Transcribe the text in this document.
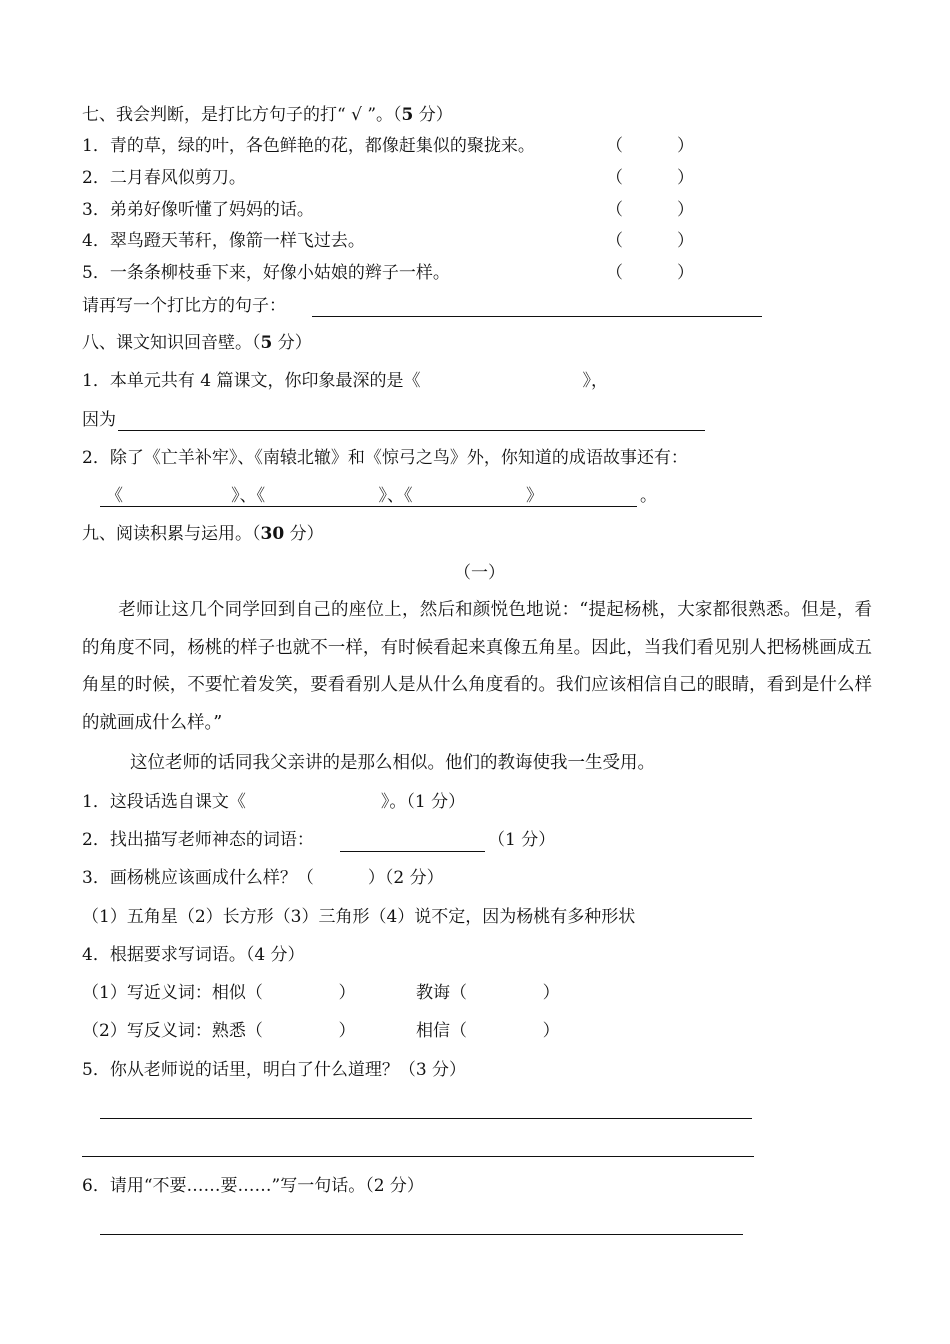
七、我会判断，是打比方句子的打“ √ ”。（5 分）
1．青的草，绿的叶，各色鲜艳的花，都像赶集似的聚拢来。	（          ）
2．二月春风似剪刀。	（          ）
3．弟弟好像听懂了妈妈的话。	（          ）
4．翠鸟蹬天苇秆，像箭一样飞过去。	（          ）
5．一条条柳枝垂下来，好像小姑娘的辫子一样。	（          ）
请再写一个打比方的句子：
八、课文知识回音壁。（5 分）
1．本单元共有 4 篇课文，你印象最深的是《                              》，
因为
2．除了《亡羊补牢》、《南辕北辙》和《惊弓之鸟》外，你知道的成语故事还有：
《                    》、《                     》、《                     》	。
九、阅读积累与运用。（30 分）
（一）
老师让这几个同学回到自己的座位上，然后和颜悦色地说：“提起杨桃，大家都很熟悉。但是，看的角度不同，杨桃的样子也就不一样，有时候看起来真像五角星。因此，当我们看见别人把杨桃画成五角星的时候，不要忙着发笑，要看看别人是从什么角度看的。我们应该相信自己的眼睛，看到是什么样的就画成什么样。”
这位老师的话同我父亲讲的是那么相似。他们的教诲使我一生受用。
1．这段话选自课文《                         》。（1 分）
2．找出描写老师神态的词语：	（1 分）
3．画杨桃应该画成什么样？（          ）（2 分）
（1）五角星（2）长方形（3）三角形（4）说不定，因为杨桃有多种形状
4．根据要求写词语。（4 分）
（1）写近义词：相似（              ）	教诲（              ）
（2）写反义词：熟悉（              ）	相信（              ）
5．你从老师说的话里，明白了什么道理？（3 分）
6．请用“不要……要……”写一句话。（2 分）
